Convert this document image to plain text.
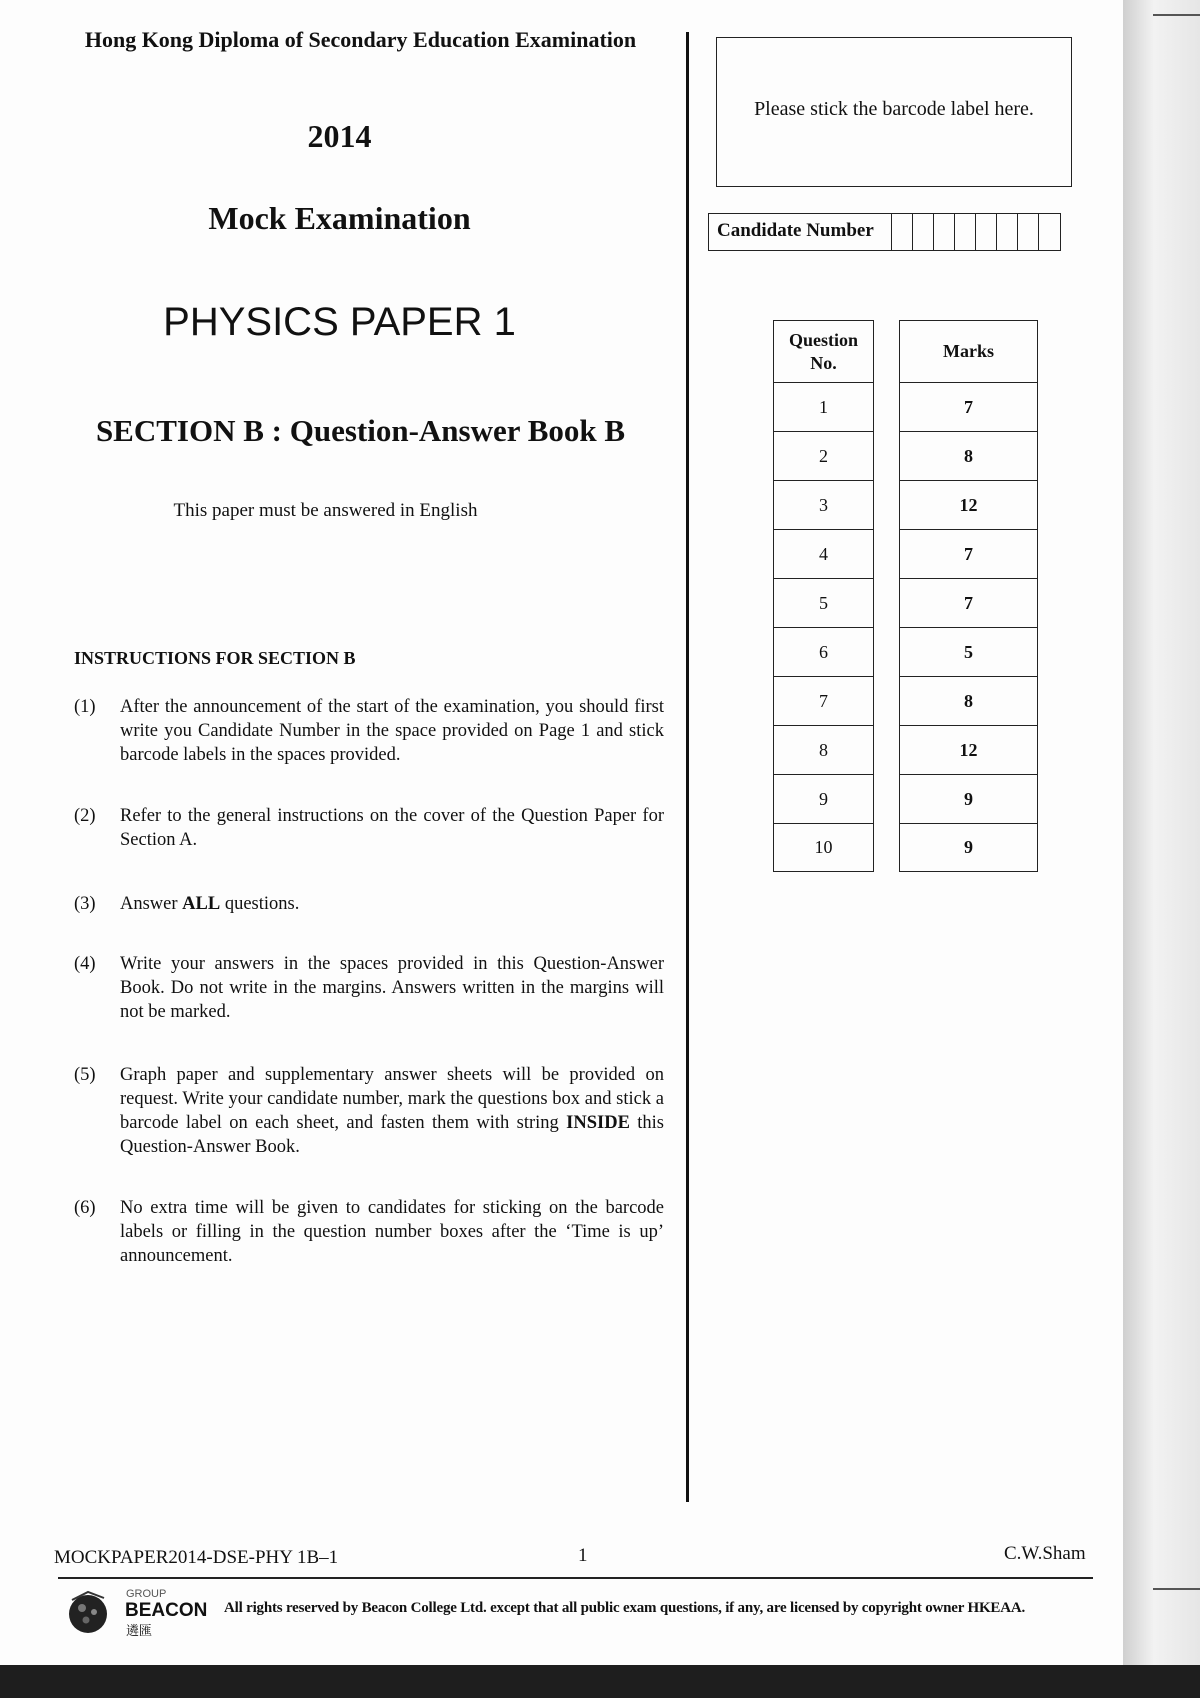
Hong Kong Diploma of Secondary Education Examination
2014
Mock Examination
PHYSICS PAPER 1
SECTION B : Question-Answer Book B
This paper must be answered in English
INSTRUCTIONS FOR SECTION B
(1) After the announcement of the start of the examination, you should first write you Candidate Number in the space provided on Page 1 and stick barcode labels in the spaces provided.
(2) Refer to the general instructions on the cover of the Question Paper for Section A.
(3) Answer ALL questions.
(4) Write your answers in the spaces provided in this Question-Answer Book. Do not write in the margins. Answers written in the margins will not be marked.
(5) Graph paper and supplementary answer sheets will be provided on request. Write your candidate number, mark the questions box and stick a barcode label on each sheet, and fasten them with string INSIDE this Question-Answer Book.
(6) No extra time will be given to candidates for sticking on the barcode labels or filling in the question number boxes after the ‘Time is up’ announcement.
Please stick the barcode label here.
Candidate Number
Question No.
1
2
3
4
5
6
7
8
9
10
Marks
7
8
12
7
7
5
8
12
9
9
MOCKPAPER2014-DSE-PHY 1B–1	1	C.W.Sham
GROUP
BEACON
遴匯
All rights reserved by Beacon College Ltd. except that all public exam questions, if any, are licensed by copyright owner HKEAA.
